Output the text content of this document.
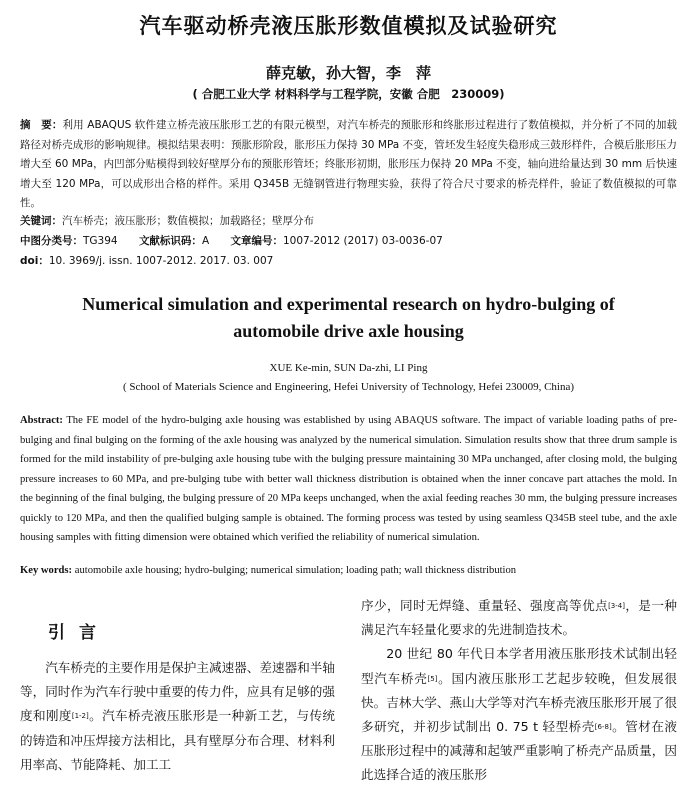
汽车驱动桥壳液压胀形数值模拟及试验研究
薛克敏，孙大智，李　萍
( 合肥工业大学 材料科学与工程学院，安徽 合肥　230009)
摘　要：利用 ABAQUS 软件建立桥壳液压胀形工艺的有限元模型，对汽车桥壳的预胀形和终胀形过程进行了数值模拟，并分析了不同的加载路径对桥壳成形的影响规律。模拟结果表明：预胀形阶段，胀形压力保持 30 MPa 不变，管坯发生轻度失稳形成三鼓形样件，合模后胀形压力增大至 60 MPa，内凹部分贴模得到较好壁厚分布的预胀形管坯；终胀形初期，胀形压力保持 20 MPa 不变，轴向进给量达到 30 mm 后快速增大至 120 MPa，可以成形出合格的样件。采用 Q345B 无缝钢管进行物理实验，获得了符合尺寸要求的桥壳样件，验证了数值模拟的可靠性。
关键词：汽车桥壳；液压胀形；数值模拟；加载路径；壁厚分布
中图分类号：TG394 文献标识码：A 文章编号：1007-2012 (2017) 03-0036-07
doi：10. 3969/j. issn. 1007-2012. 2017. 03. 007
Numerical simulation and experimental research on hydro-bulging of automobile drive axle housing
XUE Ke-min, SUN Da-zhi, LI Ping
( School of Materials Science and Engineering, Hefei University of Technology, Hefei 230009, China)
Abstract: The FE model of the hydro-bulging axle housing was established by using ABAQUS software. The impact of variable loading paths of pre-bulging and final bulging on the forming of the axle housing was analyzed by the numerical simulation. Simulation results show that three drum sample is formed for the mild instability of pre-bulging axle housing tube with the bulging pressure maintaining 30 MPa unchanged, after closing mold, the bulging pressure increases to 60 MPa, and pre-bulging tube with better wall thickness distribution is obtained when the inner concave part attaches the mold. In the beginning of the final bulging, the bulging pressure of 20 MPa keeps unchanged, when the axial feeding reaches 30 mm, the bulging pressure increases quickly to 120 MPa, and then the qualified bulging sample is obtained. The forming process was tested by using seamless Q345B steel tube, and the axle housing samples with fitting dimension were obtained which verified the reliability of numerical simulation.
Key words: automobile axle housing; hydro-bulging; numerical simulation; loading path; wall thickness distribution
引言
汽车桥壳的主要作用是保护主减速器、差速器和半轴等，同时作为汽车行驶中重要的传力件，应具有足够的强度和刚度[1-2]。汽车桥壳液压胀形是一种新工艺，与传统的铸造和冲压焊接方法相比，具有壁厚分布合理、材料利用率高、节能降耗、加工工
序少，同时无焊缝、重量轻、强度高等优点[3-4]，是一种满足汽车轻量化要求的先进制造技术。
20 世纪 80 年代日本学者用液压胀形技术试制出轻型汽车桥壳[5]。国内液压胀形工艺起步较晚，但发展很快。吉林大学、燕山大学等对汽车桥壳液压胀形开展了很多研究，并初步试制出 0. 75 t 轻型桥壳[6-8]。管材在液压胀形过程中的减薄和起皱严重影响了桥壳产品质量，因此选择合适的液压胀形
